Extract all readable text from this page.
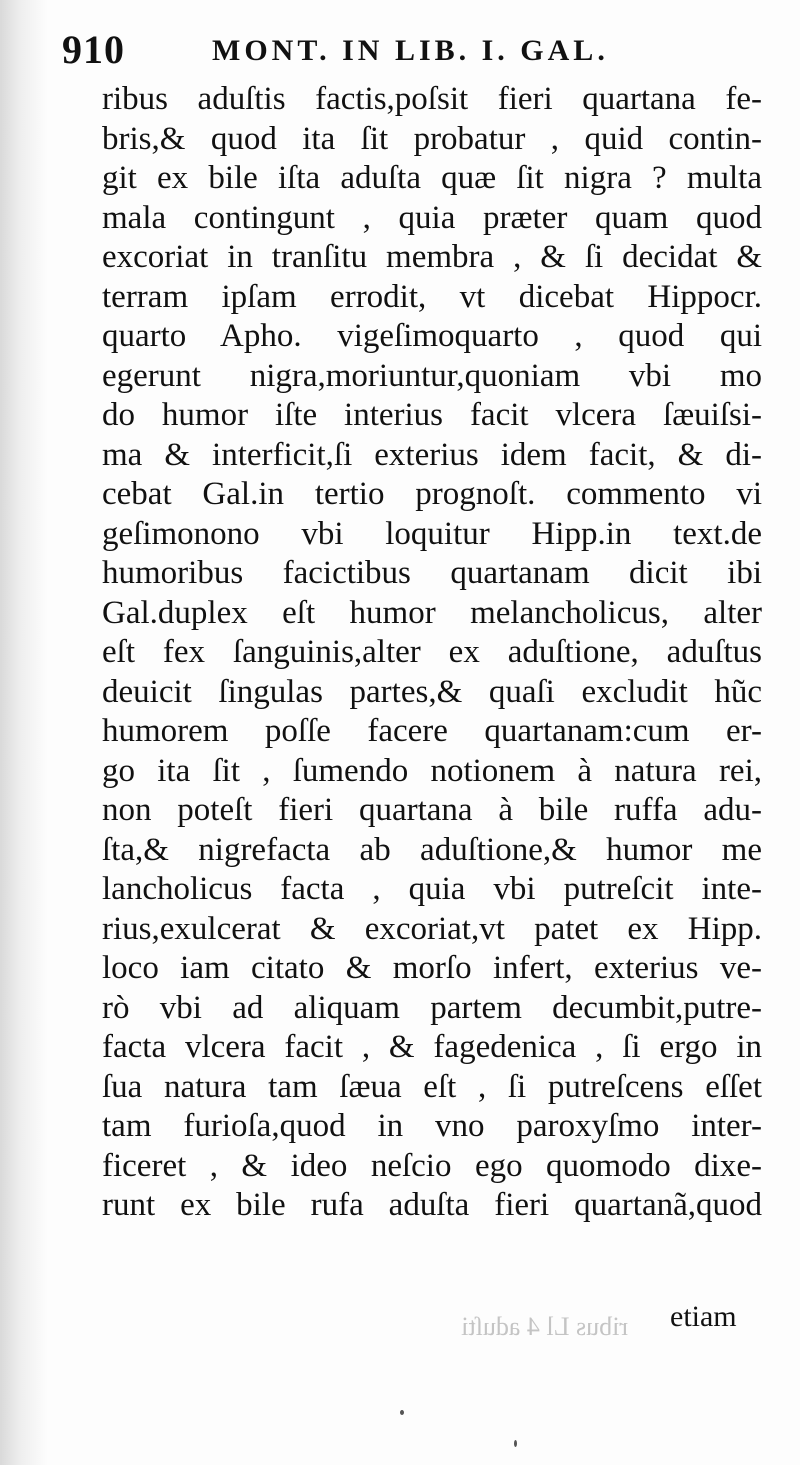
910	MONT. IN LIB. I. GAL.
ribus aduſtis factis,poſsit fieri quartana fe-
bris,& quod ita ſit probatur , quid contin-
git ex bile iſta aduſta quæ ſit nigra ? multa
mala contingunt , quia præter quam quod
excoriat in tranſitu membra , & ſi decidat &
terram ipſam errodit, vt dicebat Hippocr.
quarto Apho. vigeſimoquarto , quod qui
egerunt nigra,moriuntur,quoniam vbi mo
do humor iſte interius facit vlcera ſæuiſsi-
ma & interficit,ſi exterius idem facit, & di-
cebat Gal.in tertio prognoſt. commento vi
geſimonono vbi loquitur Hipp.in text.de
humoribus facictibus quartanam dicit ibi
Gal.duplex eſt humor melancholicus, alter
eſt fex ſanguinis,alter ex aduſtione, aduſtus
deuicit ſingulas partes,& quaſi excludit hũc
humorem poſſe facere quartanam:cum er-
go ita ſit , ſumendo notionem à natura rei,
non poteſt fieri quartana à bile ruffa adu-
ſta,& nigrefacta ab aduſtione,& humor me
lancholicus facta , quia vbi putreſcit inte-
rius,exulcerat & excoriat,vt patet ex Hipp.
loco iam citato & morſo infert, exterius ve-
rò vbi ad aliquam partem decumbit,putre-
facta vlcera facit , & fagedenica , ſi ergo in
ſua natura tam ſæua eſt , ſi putreſcens eſſet
tam furioſa,quod in vno paroxyſmo inter-
ficeret , & ideo neſcio ego quomodo dixe-
runt ex bile rufa aduſta fieri quartanã,quod
ribus Ll 4 aduſti etiam
